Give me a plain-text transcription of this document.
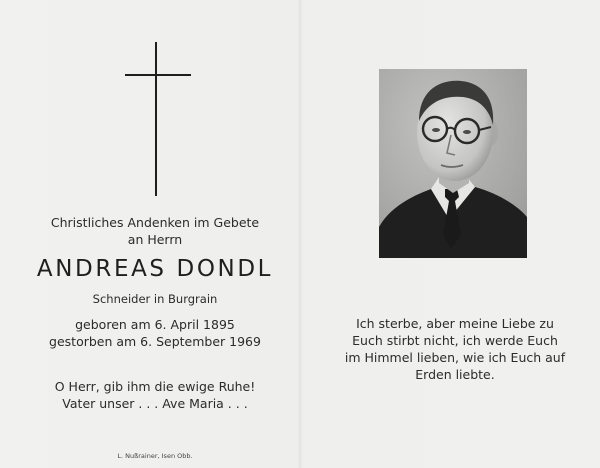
Christliches Andenken im Gebete
an Herrn
ANDREAS DONDL
Schneider in Burgrain
geboren am 6. April 1895
gestorben am 6. September 1969
O Herr, gib ihm die ewige Ruhe!
Vater unser . . . Ave Maria . . .
L. Nußrainer, Isen Obb.
Ich sterbe, aber meine Liebe zu
Euch stirbt nicht, ich werde Euch
im Himmel lieben, wie ich Euch auf
Erden liebte.
